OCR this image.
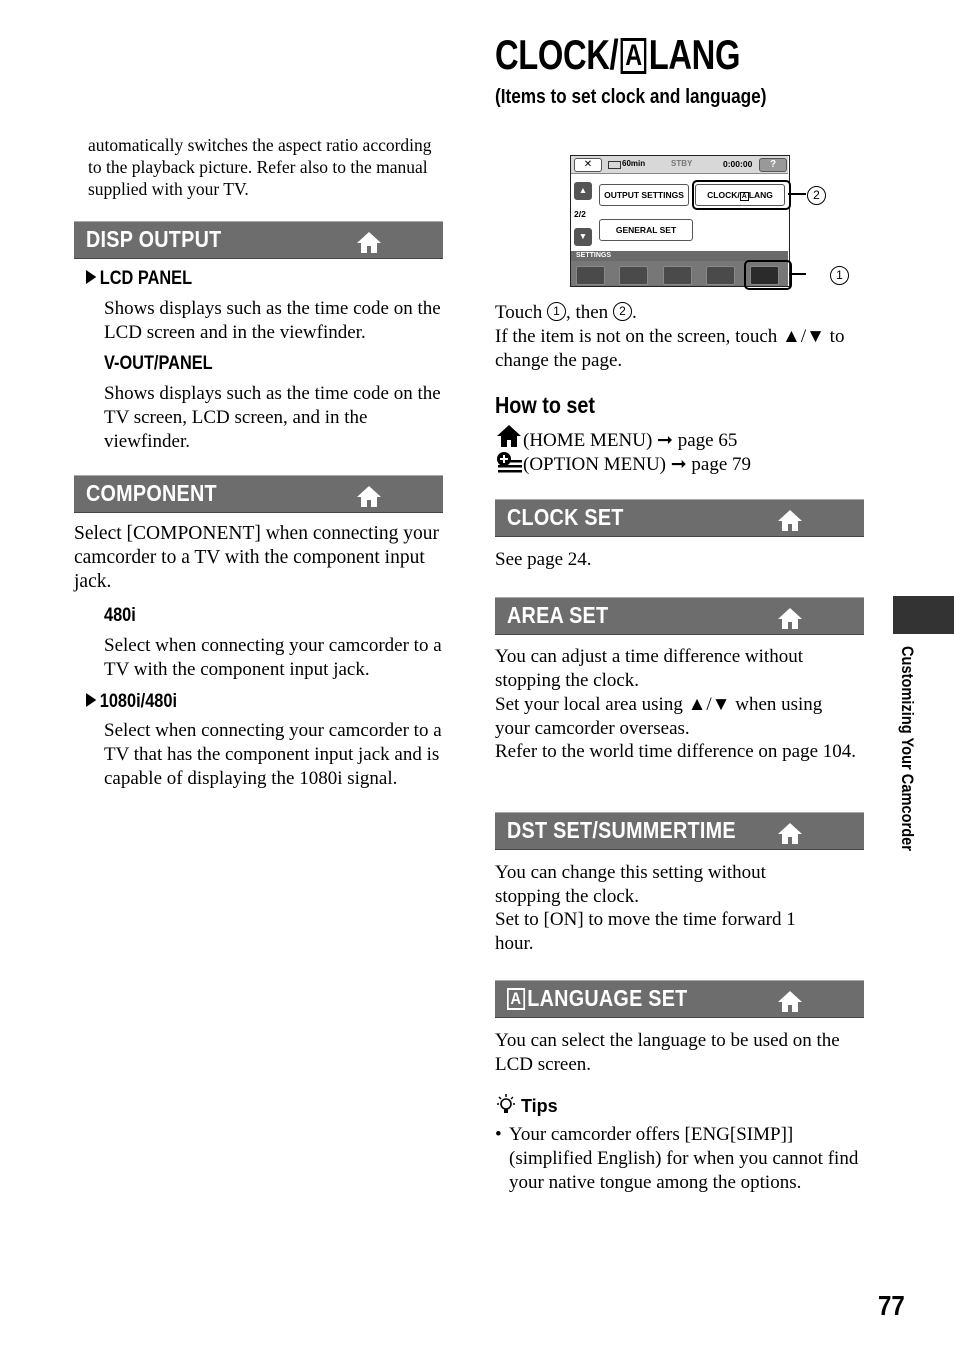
CLOCK/ A LANG
(Items to set clock and language)
automatically switches the aspect ratio according to the playback picture. Refer also to the manual supplied with your TV.
DISP OUTPUT
LCD PANEL
Shows displays such as the time code on the LCD screen and in the viewfinder.
V-OUT/PANEL
Shows displays such as the time code on the TV screen, LCD screen, and in the viewfinder.
COMPONENT
Select [COMPONENT] when connecting your camcorder to a TV with the component input jack.
480i
Select when connecting your camcorder to a TV with the component input jack.
1080i/480i
Select when connecting your camcorder to a TV that has the component input jack and is capable of displaying the 1080i signal.
✕	60min	STBY	0:00:00	?
▲
2/2
▼
OUTPUT SETTINGS	CLOCK/ A LANG
GENERAL SET
SETTINGS
2 1
Touch 1 , then 2 .
If the item is not on the screen, touch ▲/▼ to change the page.
How to set
(HOME MENU) ➞ page 65
(OPTION MENU) ➞ page 79
CLOCK SET
See page 24.
AREA SET
You can adjust a time difference without stopping the clock.
Set your local area using ▲/▼ when using your camcorder overseas.
Refer to the world time difference on page 104.
DST SET/SUMMERTIME
You can change this setting without stopping the clock.
Set to [ON] to move the time forward 1 hour.
A LANGUAGE SET
You can select the language to be used on the LCD screen.
Tips
• Your camcorder offers [ENG[SIMP]] (simplified English) for when you cannot find your native tongue among the options.
Customizing Your Camcorder
77
